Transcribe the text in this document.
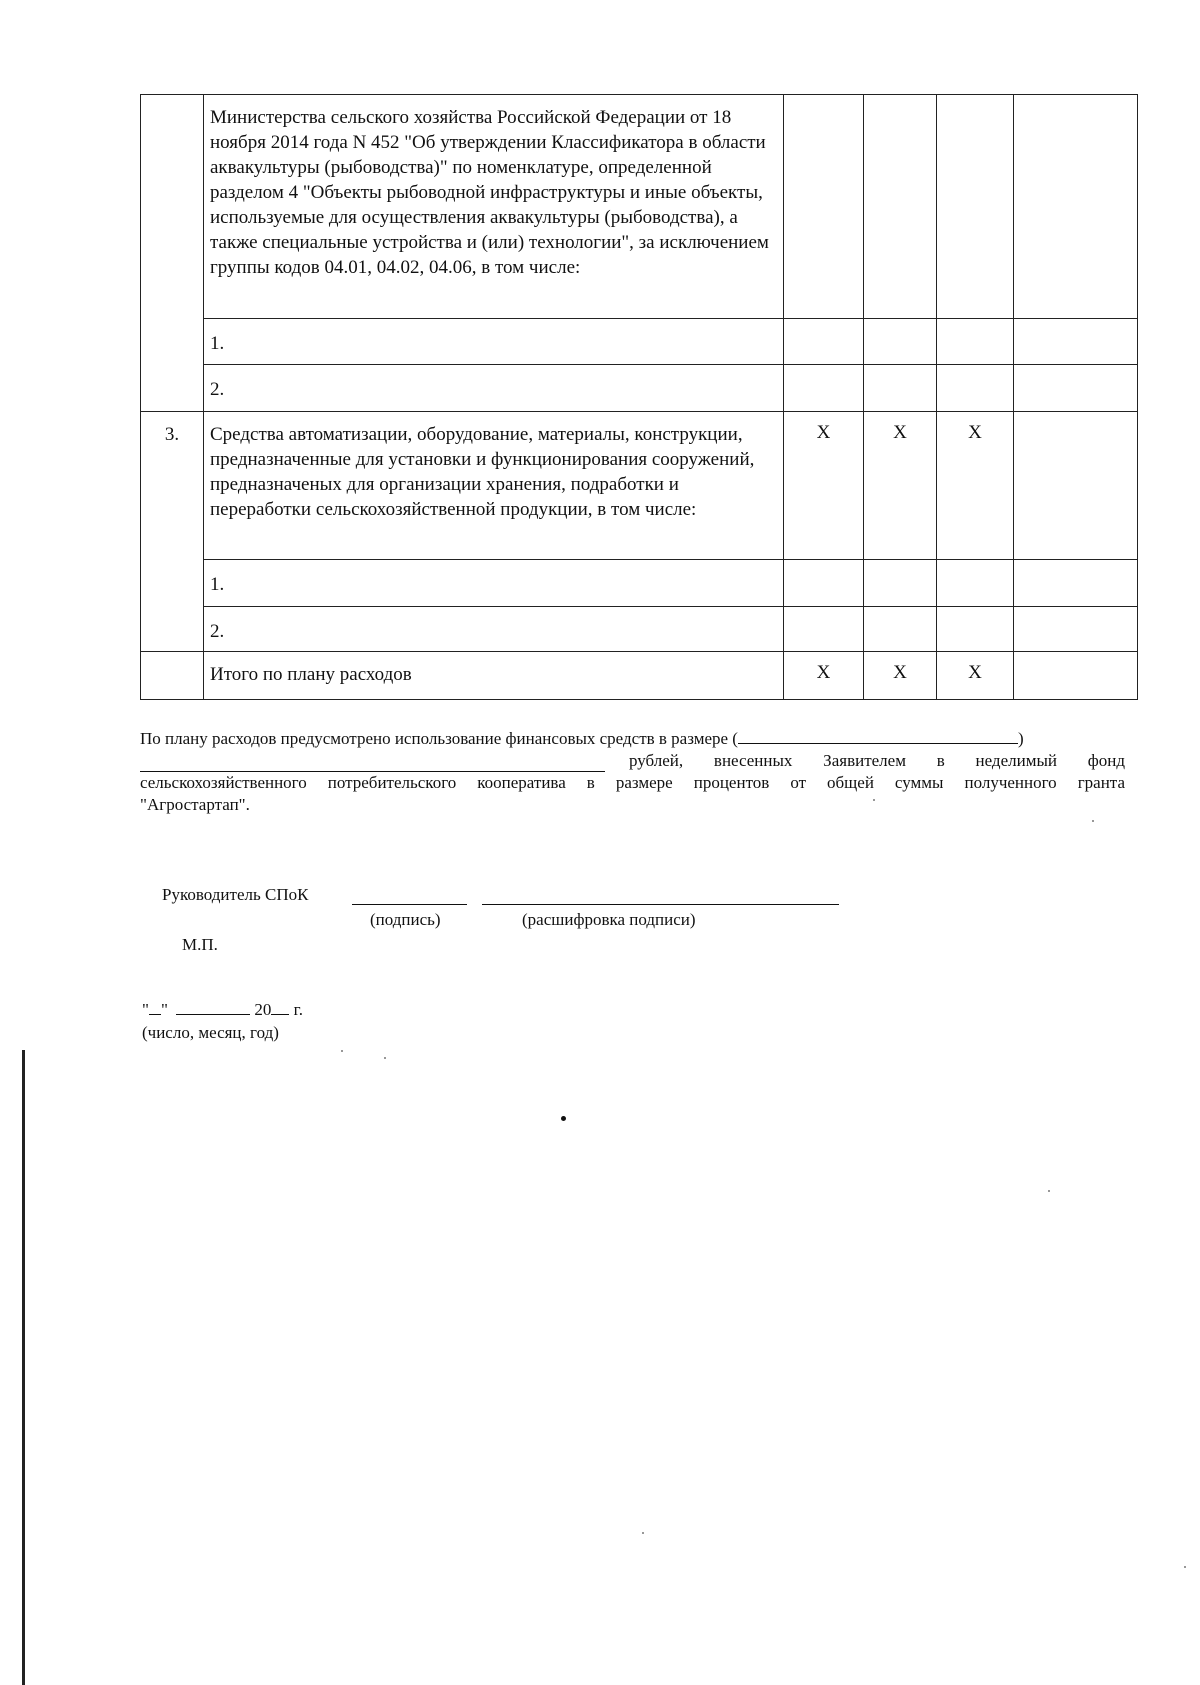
	Министерства сельского хозяйства Российской Федерации от 18 ноября 2014 года N 452 "Об утверждении Классификатора в области аквакультуры (рыбоводства)" по номенклатуре, определенной разделом 4 "Объекты рыбоводной инфраструктуры и иные объекты, используемые для осуществления аквакультуры (рыбоводства), а также специальные устройства и (или) технологии", за исключением группы кодов 04.01, 04.02, 04.06, в том числе:				
	1.				
	2.				
3.	Средства автоматизации, оборудование, материалы, конструкции, предназначенные для установки и функционирования сооружений, предназначеных для организации хранения, подработки и переработки сельскохозяйственной продукции, в том числе:	X	X	X	
	1.				
	2.				
	Итого по плану расходов	X	X	X	
По плану расходов предусмотрено использование финансовых средств в размере (	)
рублей, внесенных Заявителем в неделимый фонд
сельскохозяйственного потребительского кооператива в размере процентов от общей суммы полученного гранта
"Агростартап".
Руководитель СПоК
(подпись)	(расшифровка подписи)
М.П.
" "	20 г.
(число, месяц, год)
